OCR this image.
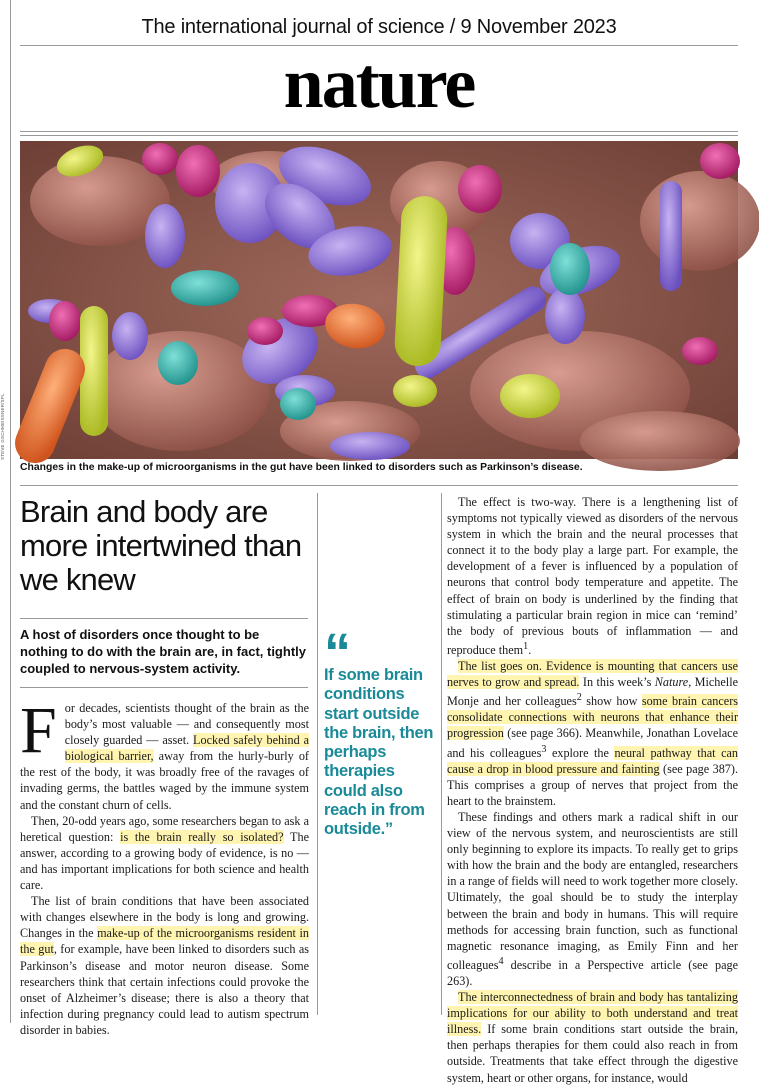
STEVE GSCHMEISSNER/SPL
The international journal of science / 9 November 2023
nature
Changes in the make-up of microorganisms in the gut have been linked to disorders such as Parkinson’s disease.
Brain and body are more intertwined than we knew
A host of disorders once thought to be nothing to do with the brain are, in fact, tightly coupled to nervous-system activity.

For decades, scientists thought of the brain as the body’s most valuable — and consequently most closely guarded — asset. Locked safely behind a biological barrier, away from the hurly-burly of the rest of the body, it was broadly free of the ravages of invading germs, the battles waged by the immune system and the constant churn of cells.

Then, 20-odd years ago, some researchers began to ask a heretical question: is the brain really so isolated? The answer, according to a growing body of evidence, is no — and has important implications for both science and health care.

The list of brain conditions that have been associated with changes elsewhere in the body is long and growing. Changes in the make-up of the microorganisms resident in the gut, for example, have been linked to disorders such as Parkinson’s disease and motor neuron disease. Some researchers think that certain infections could provoke the onset of Alzheimer’s disease; there is also a theory that infection during pregnancy could lead to autism spectrum disorder in babies.

“
If some brain conditions start outside the brain, then perhaps therapies could also reach in from outside.”

The effect is two-way. There is a lengthening list of symptoms not typically viewed as disorders of the nervous system in which the brain and the neural processes that connect it to the body play a large part. For example, the development of a fever is influenced by a population of neurons that control body temperature and appetite. The effect of brain on body is underlined by the finding that stimulating a particular brain region in mice can ‘remind’ the body of previous bouts of inflammation — and reproduce them$^1$.

The list goes on. Evidence is mounting that cancers use nerves to grow and spread. In this week’s Nature, Michelle Monje and her colleagues$^2$ show how some brain cancers consolidate connections with neurons that enhance their progression (see page 366). Meanwhile, Jonathan Lovelace and his colleagues$^3$ explore the neural pathway that can cause a drop in blood pressure and fainting (see page 387). This comprises a group of nerves that project from the heart to the brainstem.

These findings and others mark a radical shift in our view of the nervous system, and neuroscientists are still only beginning to explore its impacts. To really get to grips with how the brain and the body are entangled, researchers in a range of fields will need to work together more closely. Ultimately, the goal should be to study the interplay between the brain and body in humans. This will require methods for accessing brain function, such as functional magnetic resonance imaging, as Emily Finn and her colleagues$^4$ describe in a Perspective article (see page 263).

The interconnectedness of brain and body has tantalizing implications for our ability to both understand and treat illness. If some brain conditions start outside the brain, then perhaps therapies for them could also reach in from outside. Treatments that take effect through the digestive system, heart or other organs, for instance, would
